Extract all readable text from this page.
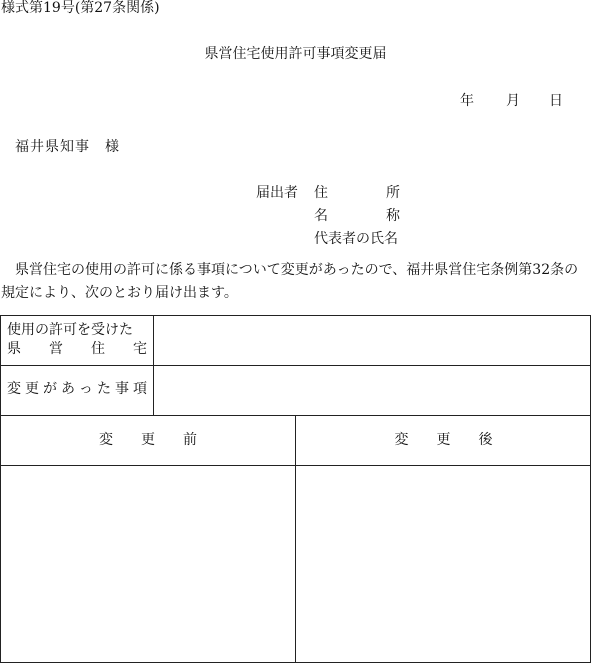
様式第19号(第27条関係)
県営住宅使用許可事項変更届
年 月 日
福井県知事　様
届出者 住　　　所
名　　　称
代表者の氏名
県営住宅の使用の許可に係る事項について変更があったので、福井県営住宅条例第32条の規定により、次のとおり届け出ます。
使用の許可を受けた
県営住宅
変更があった事項
変　　更　　前	変　　更　　後
